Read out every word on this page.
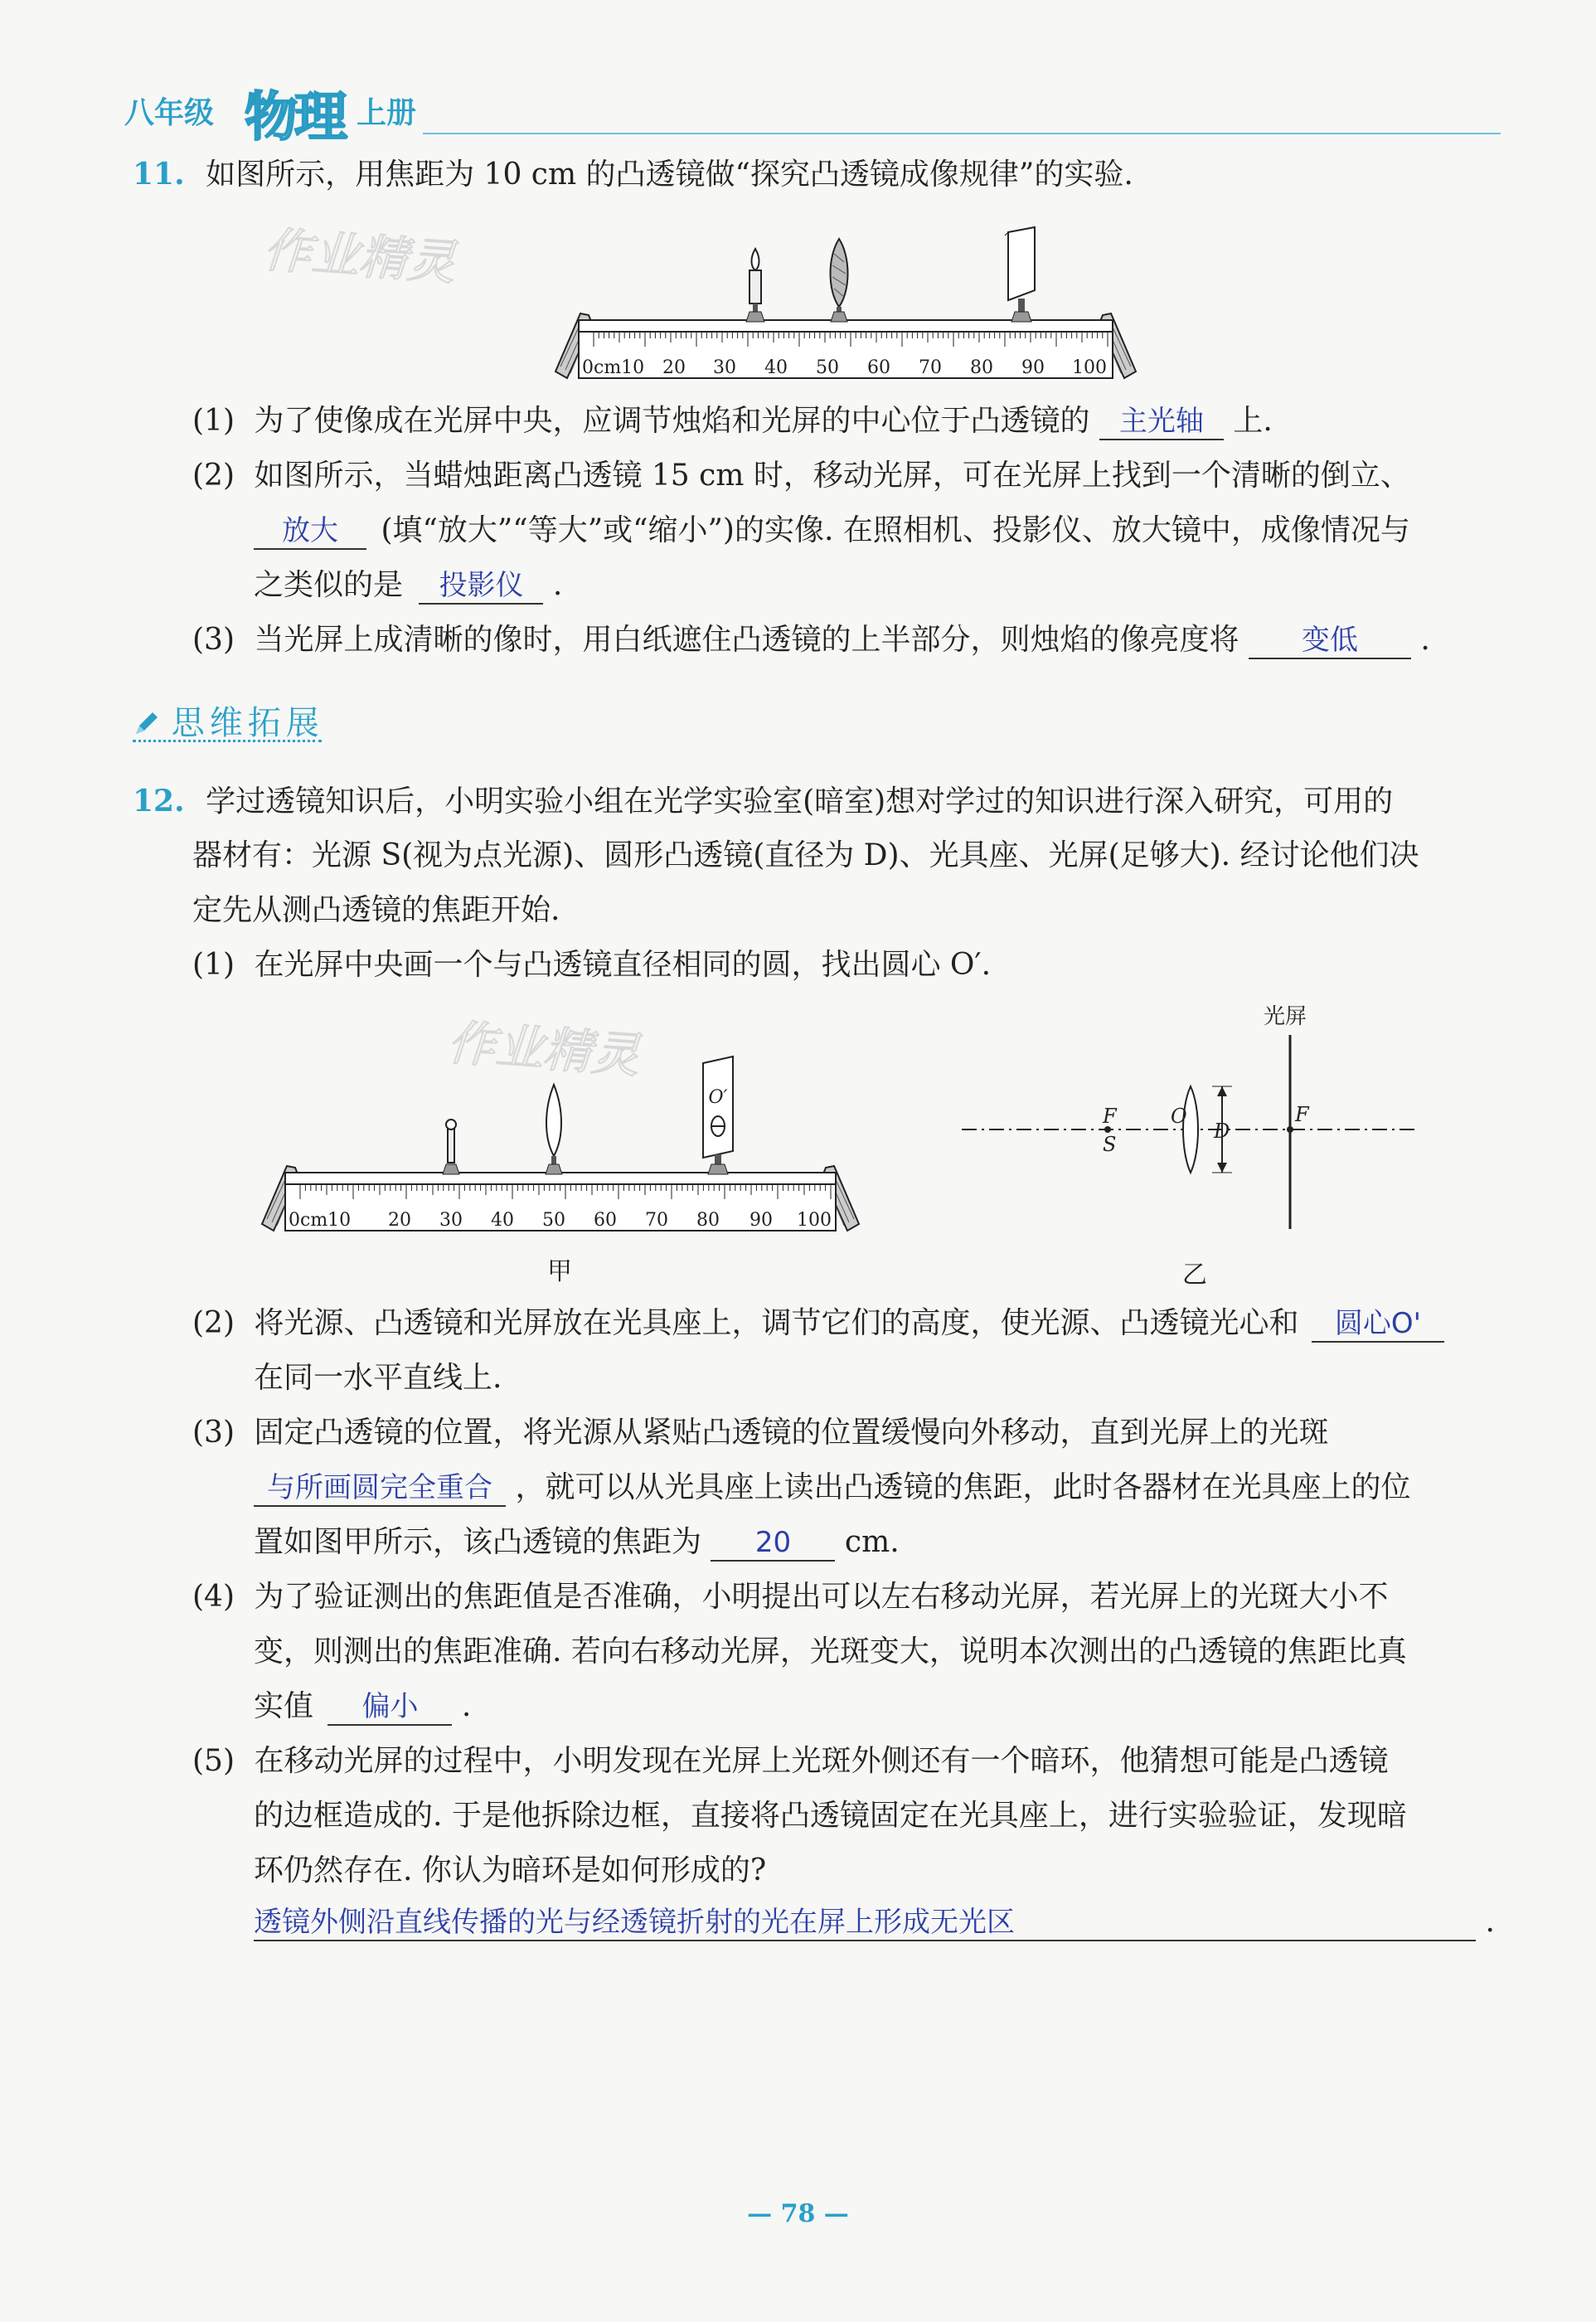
八年级 物理 上册
11. 如图所示，用焦距为 10 cm 的凸透镜做“探究凸透镜成像规律”的实验.
作业精灵
0cm10 20 30 40 50 60 70 80 90 100
(1) 为了使像成在光屏中央，应调节烛焰和光屏的中心位于凸透镜的 主光轴 上.
(2) 如图所示，当蜡烛距离凸透镜 15 cm 时，移动光屏，可在光屏上找到一个清晰的倒立、
放大 (填“放大”“等大”或“缩小”)的实像. 在照相机、投影仪、放大镜中，成像情况与
之类似的是 投影仪 .
(3) 当光屏上成清晰的像时，用白纸遮住凸透镜的上半部分，则烛焰的像亮度将 变低 .
思维拓展
12. 学过透镜知识后，小明实验小组在光学实验室(暗室)想对学过的知识进行深入研究，可用的
器材有：光源 S(视为点光源)、圆形凸透镜(直径为 D)、光具座、光屏(足够大). 经讨论他们决
定先从测凸透镜的焦距开始.
(1) 在光屏中央画一个与凸透镜直径相同的圆，找出圆心 O′.
作业精灵
0cm10 20 30 40 50 60 70 80 90 100
O′
甲
光屏
F
S
O
D
F
乙
(2) 将光源、凸透镜和光屏放在光具座上，调节它们的高度，使光源、凸透镜光心和 圆心O'
在同一水平直线上.
(3) 固定凸透镜的位置，将光源从紧贴凸透镜的位置缓慢向外移动，直到光屏上的光斑
与所画圆完全重合 ，就可以从光具座上读出凸透镜的焦距，此时各器材在光具座上的位
置如图甲所示，该凸透镜的焦距为 20 cm.
(4) 为了验证测出的焦距值是否准确，小明提出可以左右移动光屏，若光屏上的光斑大小不
变，则测出的焦距准确. 若向右移动光屏，光斑变大，说明本次测出的凸透镜的焦距比真
实值 偏小 .
(5) 在移动光屏的过程中，小明发现在光屏上光斑外侧还有一个暗环，他猜想可能是凸透镜
的边框造成的. 于是他拆除边框，直接将凸透镜固定在光具座上，进行实验验证，发现暗
环仍然存在. 你认为暗环是如何形成的?
透镜外侧沿直线传播的光与经透镜折射的光在屏上形成无光区	.
— 78 —
